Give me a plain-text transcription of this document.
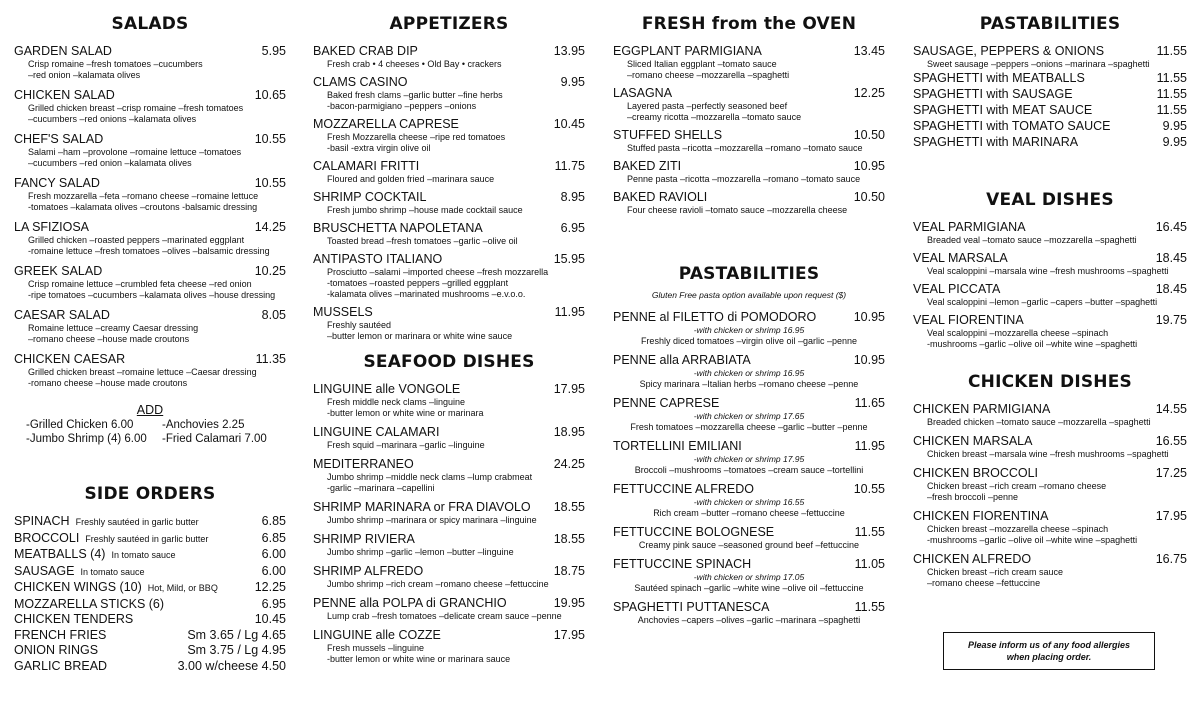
SALADS
GARDEN SALAD	5.95
Crisp romaine –fresh tomatoes –cucumbers
–red onion –kalamata olives
CHICKEN SALAD	10.65
Grilled chicken breast –crisp romaine –fresh tomatoes
–cucumbers –red onions –kalamata olives
CHEF'S SALAD	10.55
Salami –ham –provolone –romaine lettuce –tomatoes
–cucumbers –red onion –kalamata olives
FANCY SALAD	10.55
Fresh mozzarella –feta –romano cheese –romaine lettuce
-tomatoes –kalamata olives –croutons -balsamic dressing
LA SFIZIOSA	14.25
Grilled chicken –roasted peppers –marinated eggplant
-romaine lettuce –fresh tomatoes –olives –balsamic dressing
GREEK SALAD	10.25
Crisp romaine lettuce –crumbled feta cheese –red onion
-ripe tomatoes –cucumbers –kalamata olives –house dressing
CAESAR SALAD	8.05
Romaine lettuce –creamy Caesar dressing
–romano cheese –house made croutons
CHICKEN CAESAR	11.35
Grilled chicken breast –romaine lettuce –Caesar dressing
-romano cheese –house made croutons
ADD
-Grilled Chicken 6.00	-Anchovies 2.25
-Jumbo Shrimp (4) 6.00	-Fried Calamari 7.00
SIDE ORDERS
SPINACH Freshly sautéed in garlic butter	6.85
BROCCOLI Freshly sautéed in garlic butter	6.85
MEATBALLS (4) In tomato sauce	6.00
SAUSAGE In tomato sauce	6.00
CHICKEN WINGS (10) Hot, Mild, or BBQ	12.25
MOZZARELLA STICKS (6)	6.95
CHICKEN TENDERS	10.45
FRENCH FRIES	Sm 3.65 / Lg 4.65
ONION RINGS	Sm 3.75 / Lg 4.95
GARLIC BREAD	3.00 w/cheese 4.50
APPETIZERS
BAKED CRAB DIP	13.95
Fresh crab • 4 cheeses • Old Bay • crackers
CLAMS CASINO	9.95
Baked fresh clams –garlic butter –fine herbs
-bacon-parmigiano –peppers –onions
MOZZARELLA CAPRESE	10.45
Fresh Mozzarella cheese –ripe red tomatoes
-basil -extra virgin olive oil
CALAMARI FRITTI	11.75
Floured and golden fried –marinara sauce
SHRIMP COCKTAIL	8.95
Fresh jumbo shrimp –house made cocktail sauce
BRUSCHETTA NAPOLETANA	6.95
Toasted bread –fresh tomatoes –garlic –olive oil
ANTIPASTO ITALIANO	15.95
Prosciutto –salami –imported cheese –fresh mozzarella
-tomatoes –roasted peppers –grilled eggplant
-kalamata olives –marinated mushrooms –e.v.o.o.
MUSSELS	11.95
Freshly sautéed
–butter lemon or marinara or white wine sauce
SEAFOOD DISHES
LINGUINE alle VONGOLE	17.95
Fresh middle neck clams –linguine
-butter lemon or white wine or marinara
LINGUINE CALAMARI	18.95
Fresh squid –marinara –garlic –linguine
MEDITERRANEO	24.25
Jumbo shrimp –middle neck clams –lump crabmeat
-garlic –marinara –capellini
SHRIMP MARINARA or FRA DIAVOLO 18.55
Jumbo shrimp –marinara or spicy marinara –linguine
SHRIMP RIVIERA	18.55
Jumbo shrimp –garlic –lemon –butter –linguine
SHRIMP ALFREDO	18.75
Jumbo shrimp –rich cream –romano cheese –fettuccine
PENNE alla POLPA di GRANCHIO	19.95
Lump crab –fresh tomatoes –delicate cream sauce –penne
LINGUINE alle COZZE	17.95
Fresh mussels –linguine
-butter lemon or white wine or marinara sauce
FRESH from the OVEN
EGGPLANT PARMIGIANA	13.45
Sliced Italian eggplant –tomato sauce
–romano cheese –mozzarella –spaghetti
LASAGNA	12.25
Layered pasta –perfectly seasoned beef
–creamy ricotta –mozzarella –tomato sauce
STUFFED SHELLS	10.50
Stuffed pasta –ricotta –mozzarella –romano –tomato sauce
BAKED ZITI	10.95
Penne pasta –ricotta –mozzarella –romano –tomato sauce
BAKED RAVIOLI	10.50
Four cheese ravioli –tomato sauce –mozzarella cheese
PASTABILITIES
Gluten Free pasta option available upon request ($)
PENNE al FILETTO di POMODORO	10.95
-with chicken or shrimp 16.95
Freshly diced tomatoes –virgin olive oil –garlic –penne
PENNE alla ARRABIATA	10.95
-with chicken or shrimp 16.95
Spicy marinara –Italian herbs –romano cheese –penne
PENNE CAPRESE	11.65
-with chicken or shrimp 17.65
Fresh tomatoes –mozzarella cheese –garlic –butter –penne
TORTELLINI EMILIANI	11.95
-with chicken or shrimp 17.95
Broccoli –mushrooms –tomatoes –cream sauce –tortellini
FETTUCCINE ALFREDO	10.55
-with chicken or shrimp 16.55
Rich cream –butter –romano cheese –fettuccine
FETTUCCINE BOLOGNESE	11.55
Creamy pink sauce –seasoned ground beef –fettuccine
FETTUCCINE SPINACH	11.05
-with chicken or shrimp 17.05
Sautéed spinach –garlic –white wine –olive oil –fettuccine
SPAGHETTI PUTTANESCA	11.55
Anchovies –capers –olives –garlic –marinara –spaghetti
PASTABILITIES
SAUSAGE, PEPPERS & ONIONS	11.55
Sweet sausage –peppers –onions –marinara –spaghetti
SPAGHETTI with MEATBALLS	11.55
SPAGHETTI with SAUSAGE	11.55
SPAGHETTI with MEAT SAUCE	11.55
SPAGHETTI with TOMATO SAUCE	9.95
SPAGHETTI with MARINARA	9.95
VEAL DISHES
VEAL PARMIGIANA	16.45
Breaded veal –tomato sauce –mozzarella –spaghetti
VEAL MARSALA	18.45
Veal scaloppini –marsala wine –fresh mushrooms –spaghetti
VEAL PICCATA	18.45
Veal scaloppini –lemon –garlic –capers –butter –spaghetti
VEAL FIORENTINA	19.75
Veal scaloppini –mozzarella cheese –spinach
-mushrooms –garlic –olive oil –white wine –spaghetti
CHICKEN DISHES
CHICKEN PARMIGIANA	14.55
Breaded chicken –tomato sauce –mozzarella –spaghetti
CHICKEN MARSALA	16.55
Chicken breast –marsala wine –fresh mushrooms –spaghetti
CHICKEN BROCCOLI	17.25
Chicken breast –rich cream –romano cheese
–fresh broccoli –penne
CHICKEN FIORENTINA	17.95
Chicken breast –mozzarella cheese –spinach
-mushrooms –garlic –olive oil –white wine –spaghetti
CHICKEN ALFREDO	16.75
Chicken breast –rich cream sauce
–romano cheese –fettuccine
Please inform us of any food allergies
when placing order.
